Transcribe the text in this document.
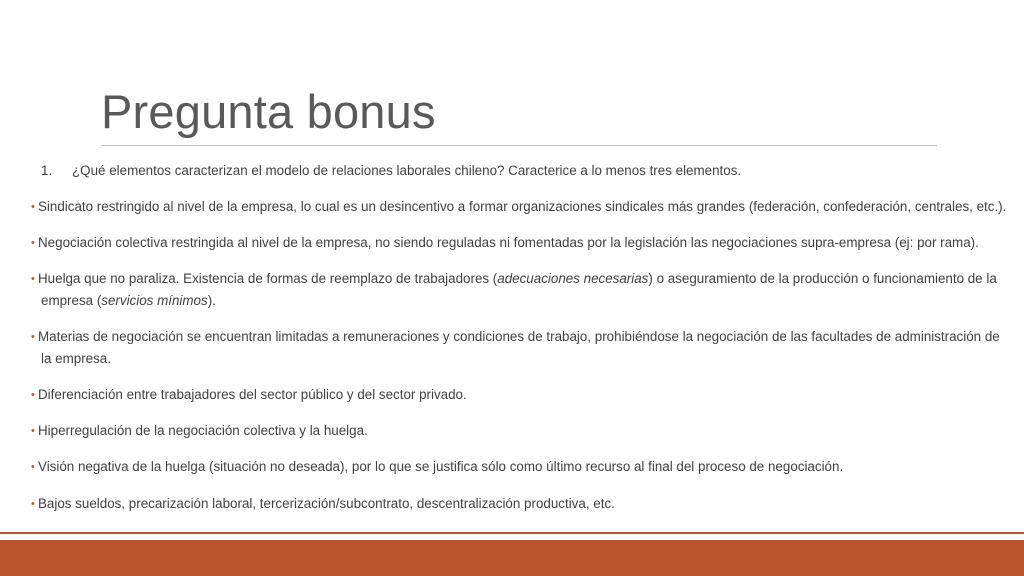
Pregunta bonus
1. ¿Qué elementos caracterizan el modelo de relaciones laborales chileno? Caracterice a lo menos tres elementos.
• Sindicato restringido al nivel de la empresa, lo cual es un desincentivo a formar organizaciones sindicales más grandes (federación, confederación, centrales, etc.).
• Negociación colectiva restringida al nivel de la empresa, no siendo reguladas ni fomentadas por la legislación las negociaciones supra-empresa (ej: por rama).
• Huelga que no paraliza. Existencia de formas de reemplazo de trabajadores (adecuaciones necesarias) o aseguramiento de la producción o funcionamiento de la
empresa (servicios mínimos).
• Materias de negociación se encuentran limitadas a remuneraciones y condiciones de trabajo, prohibiéndose la negociación de las facultades de administración de
la empresa.
• Diferenciación entre trabajadores del sector público y del sector privado.
• Hiperregulación de la negociación colectiva y la huelga.
• Visión negativa de la huelga (situación no deseada), por lo que se justifica sólo como último recurso al final del proceso de negociación.
• Bajos sueldos, precarización laboral, tercerización/subcontrato, descentralización productiva, etc.
